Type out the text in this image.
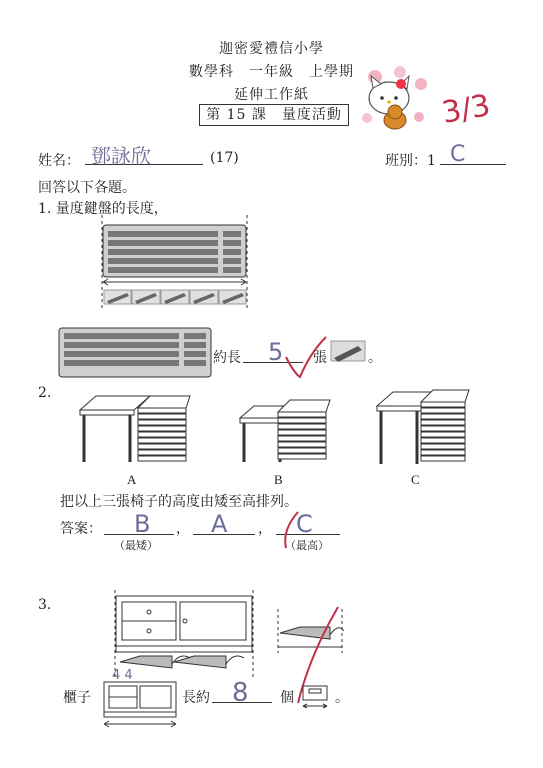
迦密愛禮信小學
數學科　一年級　上學期
延伸工作紙
第 15 課　量度活動	3/3
姓名： 鄧詠欣	(17)	班別：1 C
回答以下各題。
1. 量度鍵盤的長度，
約長	5	張	。
2.
A	B	C
把以上三張椅子的高度由矮至高排列。
答案：	B	， A	，	C
（最矮）	（最高）
3.
櫃子
4 4
長約 8	個	。
